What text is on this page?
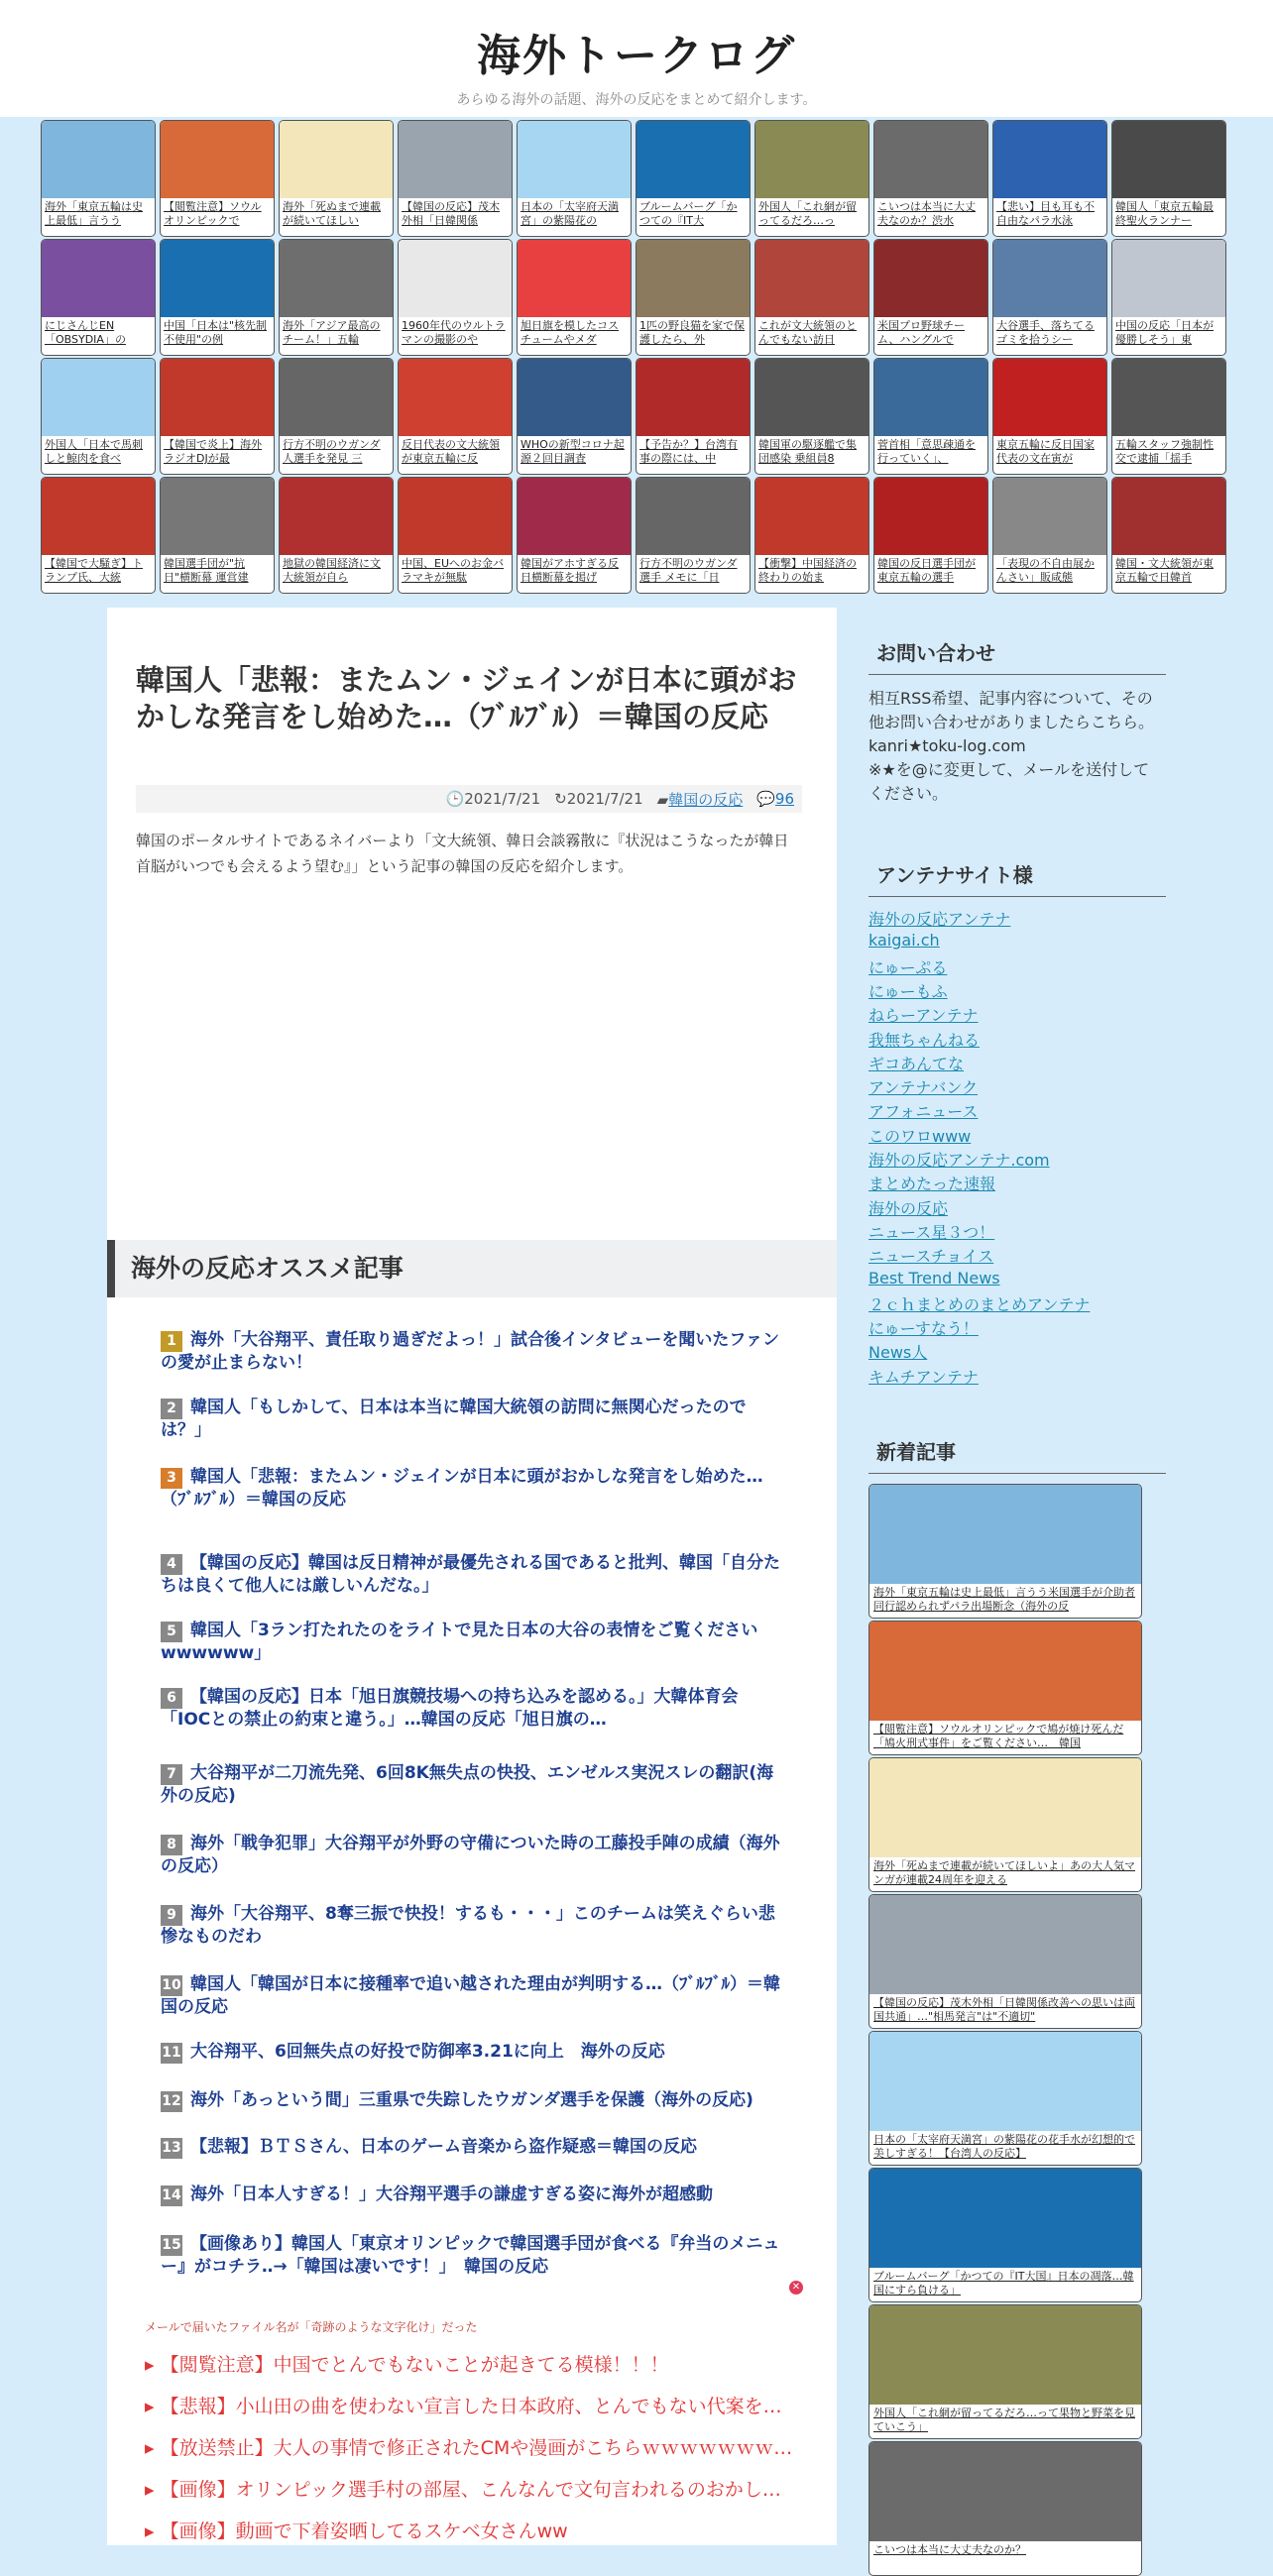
海外トークログ
あらゆる海外の話題、海外の反応をまとめて紹介します。
海外「東京五輪は史上最低」言うう
【閲覧注意】ソウルオリンピックで
海外「死ぬまで連載が続いてほしい
【韓国の反応】茂木外相「日韓関係
日本の「太宰府天満宮」の紫陽花の
ブルームバーグ「かつての『IT大
外国人「これ網が留ってるだろ…っ
こいつは本当に大丈夫なのか？渋水
【悲い】目も耳も不自由なパラ水泳
韓国人「東京五輪最終聖火ランナー
にじさんじEN「OBSYDIA」の
中国「日本は"核先制不使用"の例
海外「アジア最高のチーム！」五輪
1960年代のウルトラマンの撮影のや
旭日旗を模したコスチュームやメダ
1匹の野良猫を家で保護したら、外
これが文大統領のとんでもない訪日
米国プロ野球チーム、ハングルで
大谷選手、落ちてるゴミを拾うシー
中国の反応「日本が優勝しそう」東
外国人「日本で馬刺しと鯨肉を食べ
【韓国で炎上】海外ラジオDJが最
行方不明のウガンダ人選手を発見 三
反日代表の文大統領が東京五輪に反
WHOの新型コロナ起源２回目調査
【予告か？】台湾有事の際には、中
韓国軍の駆逐艦で集団感染 乗組員8
菅首相「意思疎通を行っていく」、
東京五輪に反日国家代表の文在寅が
五輪スタッフ強制性交で逮捕「揺手
【韓国で大騒ぎ】トランプ氏、大統
韓国選手団が"抗日"横断幕 運営建
地獄の韓国経済に文大統領が自ら
中国、EUへのお金バラマキが無駄
韓国がアホすぎる反日横断幕を掲げ
行方不明のウガンダ選手 メモに「日
【衝撃】中国経済の終わりの始ま
韓国の反日選手団が東京五輪の選手
「表現の不自由展かんさい」販咸態
韓国・文大統領が東京五輪で日韓首
韓国人「悲報：またムン・ジェインが日本に頭がおかしな発言をし始めた…（ﾌﾞﾙﾌﾞﾙ）＝韓国の反応
🕒2021/7/21 ↻2021/7/21 ▰韓国の反応 💬96

韓国のポータルサイトであるネイバーより「文大統領、韓日会談霧散に『状況はこうなったが韓日首脳がいつでも会えるよう望む』」という記事の韓国の反応を紹介します。

海外の反応オススメ記事
1 海外「大谷翔平、責任取り過ぎだよっ！」試合後インタビューを聞いたファンの愛が止まらない！
2 韓国人「もしかして、日本は本当に韓国大統領の訪問に無関心だったのでは？」
3 韓国人「悲報：またムン・ジェインが日本に頭がおかしな発言をし始めた…（ﾌﾞﾙﾌﾞﾙ）＝韓国の反応
4 【韓国の反応】韓国は反日精神が最優先される国であると批判、韓国「自分たちは良くて他人には厳しいんだな。」
5 韓国人「3ラン打たれたのをライトで見た日本の大谷の表情をご覧くださいwwwwww」
6 【韓国の反応】日本「旭日旗競技場への持ち込みを認める。」大韓体育会「IOCとの禁止の約束と違う。」…韓国の反応「旭日旗の…
7 大谷翔平が二刀流先発、6回8K無失点の快投、エンゼルス実況スレの翻訳(海外の反応)
8 海外「戦争犯罪」大谷翔平が外野の守備についた時の工藤投手陣の成績（海外の反応）
9 海外「大谷翔平、8奪三振で快投！するも・・・」このチームは笑えぐらい悲惨なものだわ
10 韓国人「韓国が日本に接種率で追い越された理由が判明する…（ﾌﾞﾙﾌﾞﾙ）＝韓国の反応
11 大谷翔平、6回無失点の好投で防御率3.21に向上　海外の反応
12 海外「あっという間」三重県で失踪したウガンダ選手を保護（海外の反応)
13 【悲報】ＢＴＳさん、日本のゲーム音楽から盗作疑惑＝韓国の反応
14 海外「日本人すぎる！」大谷翔平選手の謙虚すぎる姿に海外が超感動
15 【画像あり】韓国人「東京オリンピックで韓国選手団が食べる『弁当のメニュー』がコチラ‥→「韓国は凄いです！」　韓国の反応
✕
メールで届いたファイル名が「奇跡のような文字化け」だった
▸ 【閲覧注意】中国でとんでもないことが起きてる模様！！！
▸ 【悲報】小山田の曲を使わない宣言した日本政府、とんでもない代案を…
▸ 【放送禁止】大人の事情で修正されたCMや漫画がこちらｗｗｗｗｗｗｗ…
▸ 【画像】オリンピック選手村の部屋、こんなんで文句言われるのおかし…
▸ 【画像】動画で下着姿晒してるスケベ女さんww
お問い合わせ
相互RSS希望、記事内容について、その他お問い合わせがありましたらこちら。
kanri★toku-log.com
※★を@に変更して、メールを送付してください。
アンテナサイト様
海外の反応アンテナ
kaigai.ch
にゅーぷる
にゅーもふ
ねらーアンテナ
我無ちゃんねる
ギコあんてな
アンテナバンク
アフォニュース
このワロwww
海外の反応アンテナ.com
まとめたった速報
海外の反応
ニュース星３つ！
ニュースチョイス
Best Trend News
２ｃｈまとめのまとめアンテナ
にゅーすなう！
News人
キムチアンテナ
新着記事
海外「東京五輪は史上最低」言うう米国選手が介助者同行認められずパラ出場断念（海外の反
【閲覧注意】ソウルオリンピックで鳩が焼け死んだ「鳩火刑式事件」をご覧ください…　韓国
海外「死ぬまで連載が続いてほしいよ」あの大人気マンガが連載24周年を迎える
【韓国の反応】茂木外相「日韓関係改善への思いは両国共通」…"相馬発言"は"不適切"
日本の「太宰府天満宮」の紫陽花の花手水が幻想的で美しすぎる！【台湾人の反応】
ブルームバーグ「かつての『IT大国』日本の凋落…韓国にすら負ける」
外国人「これ網が留ってるだろ…って果物と野菜を見ていこう」
こいつは本当に大丈夫なのか？
